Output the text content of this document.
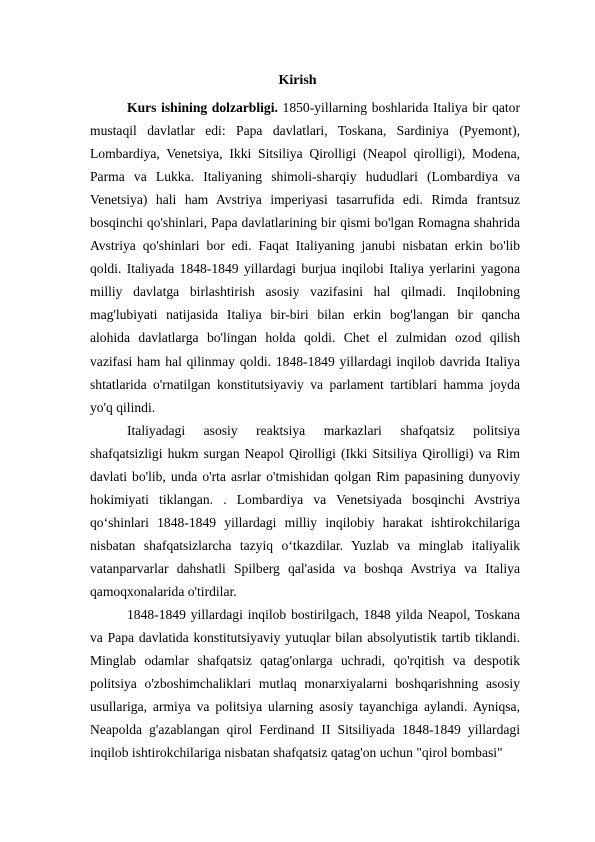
Kirish

Kurs ishining dolzarbligi. 1850-yillarning boshlarida Italiya bir qator mustaqil davlatlar edi: Papa davlatlari, Toskana, Sardiniya (Pyemont), Lombardiya, Venetsiya, Ikki Sitsiliya Qirolligi (Neapol qirolligi), Modena, Parma va Lukka. Italiyaning shimoli-sharqiy hududlari (Lombardiya va Venetsiya) hali ham Avstriya imperiyasi tasarrufida edi. Rimda frantsuz bosqinchi qo'shinlari, Papa davlatlarining bir qismi bo'lgan Romagna shahrida Avstriya qo'shinlari bor edi. Faqat Italiyaning janubi nisbatan erkin bo'lib qoldi. Italiyada 1848-1849 yillardagi burjua inqilobi Italiya yerlarini yagona milliy davlatga birlashtirish asosiy vazifasini hal qilmadi. Inqilobning mag'lubiyati natijasida Italiya bir-biri bilan erkin bog'langan bir qancha alohida davlatlarga bo'lingan holda qoldi. Chet el zulmidan ozod qilish vazifasi ham hal qilinmay qoldi. 1848-1849 yillardagi inqilob davrida Italiya shtatlarida o'rnatilgan konstitutsiyaviy va parlament tartiblari hamma joyda yo'q qilindi.

Italiyadagi asosiy reaktsiya markazlari shafqatsiz politsiya shafqatsizligi hukm surgan Neapol Qirolligi (Ikki Sitsiliya Qirolligi) va Rim davlati bo'lib, unda o'rta asrlar o'tmishidan qolgan Rim papasining dunyoviy hokimiyati tiklangan. . Lombardiya va Venetsiyada bosqinchi Avstriya qo‘shinlari 1848-1849 yillardagi milliy inqilobiy harakat ishtirokchilariga nisbatan shafqatsizlarcha tazyiq o‘tkazdilar. Yuzlab va minglab italiyalik vatanparvarlar dahshatli Spilberg qal'asida va boshqa Avstriya va Italiya qamoqxonalarida o'tirdilar.

1848-1849 yillardagi inqilob bostirilgach, 1848 yilda Neapol, Toskana va Papa davlatida konstitutsiyaviy yutuqlar bilan absolyutistik tartib tiklandi. Minglab odamlar shafqatsiz qatag'onlarga uchradi, qo'rqitish va despotik politsiya o'zboshimchaliklari mutlaq monarxiyalarni boshqarishning asosiy usullariga, armiya va politsiya ularning asosiy tayanchiga aylandi. Ayniqsa, Neapolda g'azablangan qirol Ferdinand II Sitsiliyada 1848-1849 yillardagi inqilob ishtirokchilariga nisbatan shafqatsiz qatag'on uchun "qirol bombasi"
